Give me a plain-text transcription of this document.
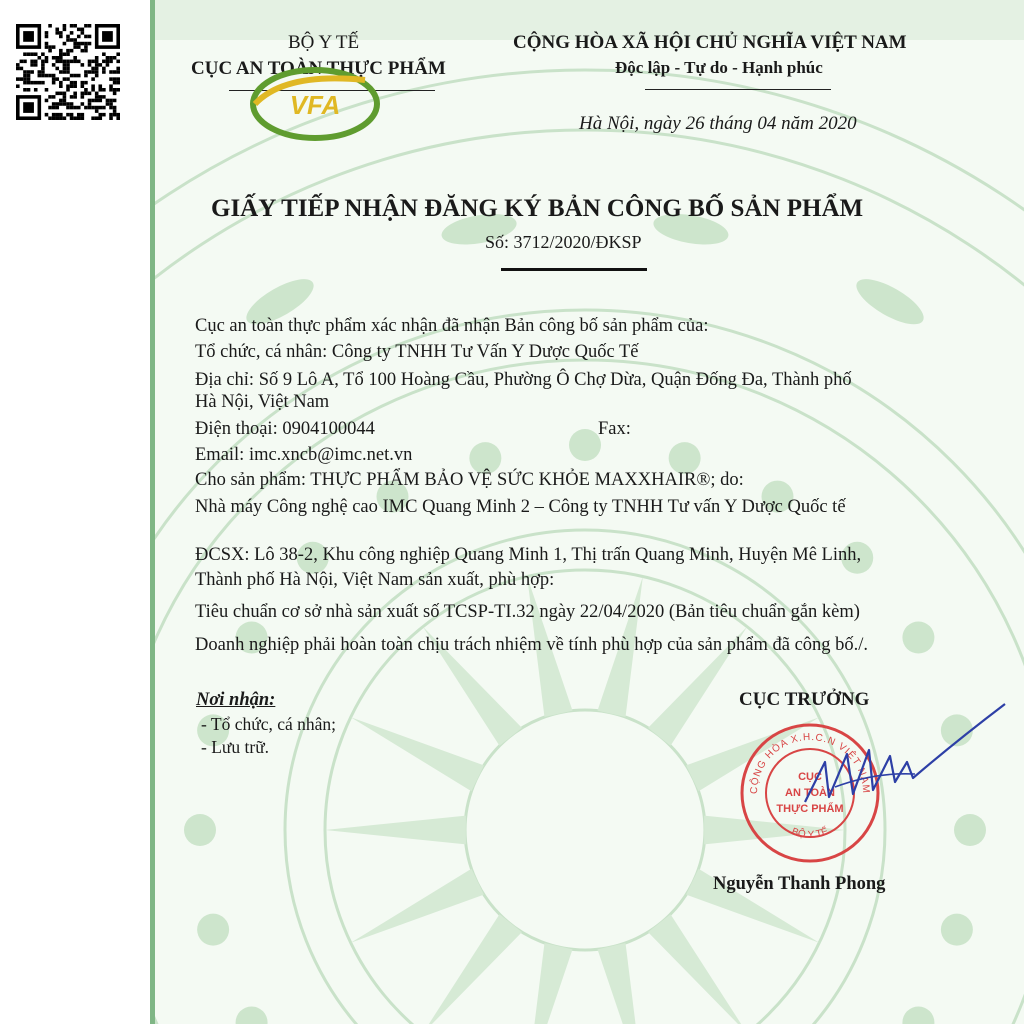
BỘ Y TẾ
CỤC AN TOÀN THỰC PHẨM
VFA
CỘNG HÒA XÃ HỘI CHỦ NGHĨA VIỆT NAM
Độc lập - Tự do - Hạnh phúc
Hà Nội, ngày 26 tháng 04 năm 2020
GIẤY TIẾP NHẬN ĐĂNG KÝ BẢN CÔNG BỐ SẢN PHẨM
Số: 3712/2020/ĐKSP
Cục an toàn thực phẩm xác nhận đã nhận Bản công bố sản phẩm của:
Tổ chức, cá nhân: Công ty TNHH Tư Vấn Y Dược Quốc Tế
Địa chỉ: Số 9 Lô A, Tổ 100 Hoàng Cầu, Phường Ô Chợ Dừa, Quận Đống Đa, Thành phố
Hà Nội, Việt Nam
Điện thoại: 0904100044	Fax:
Email: imc.xncb@imc.net.vn
Cho sản phẩm: THỰC PHẨM BẢO VỆ SỨC KHỎE MAXXHAIR®; do:
Nhà máy Công nghệ cao IMC Quang Minh 2 – Công ty TNHH Tư vấn Y Dược Quốc tế
ĐCSX: Lô 38-2, Khu công nghiệp Quang Minh 1, Thị trấn Quang Minh, Huyện Mê Linh,
Thành phố Hà Nội, Việt Nam sản xuất, phù hợp:
Tiêu chuẩn cơ sở nhà sản xuất số TCSP-TI.32 ngày 22/04/2020 (Bản tiêu chuẩn gắn kèm)
Doanh nghiệp phải hoàn toàn chịu trách nhiệm về tính phù hợp của sản phẩm đã công bố./.
Nơi nhận:
- Tổ chức, cá nhân;
- Lưu trữ.
CỤC TRƯỞNG
CỘNG HÒA X.H.C.N VIỆT NAM
BỘ Y TẾ
CỤC
AN TOÀN
THỰC PHẨM
Nguyễn Thanh Phong
